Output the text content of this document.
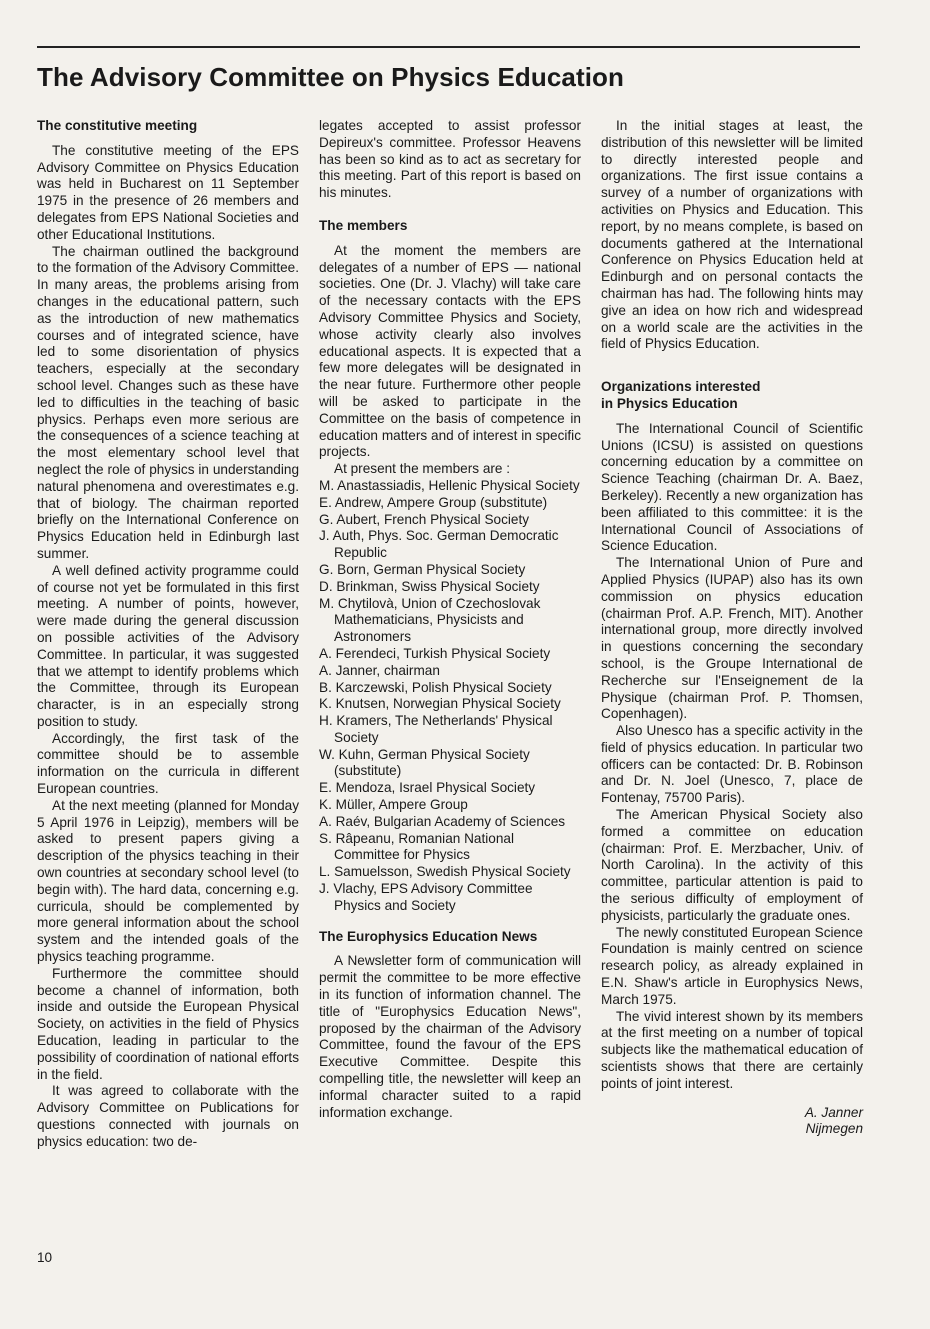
The Advisory Committee on Physics Education
The constitutive meeting

The constitutive meeting of the EPS Advisory Committee on Physics Education was held in Bucharest on 11 September 1975 in the presence of 26 members and delegates from EPS National Societies and other Educational Institutions.

The chairman outlined the background to the formation of the Advisory Committee. In many areas, the problems arising from changes in the educational pattern, such as the introduction of new mathematics courses and of integrated science, have led to some disorientation of physics teachers, especially at the secondary school level. Changes such as these have led to difficulties in the teaching of basic physics. Perhaps even more serious are the consequences of a science teaching at the most elementary school level that neglect the role of physics in understanding natural phenomena and overestimates e.g. that of biology. The chairman reported briefly on the International Conference on Physics Education held in Edinburgh last summer.

A well defined activity programme could of course not yet be formulated in this first meeting. A number of points, however, were made during the general discussion on possible activities of the Advisory Committee. In particular, it was suggested that we attempt to identify problems which the Committee, through its European character, is in an especially strong position to study.

Accordingly, the first task of the committee should be to assemble information on the curricula in different European countries.

At the next meeting (planned for Monday 5 April 1976 in Leipzig), members will be asked to present papers giving a description of the physics teaching in their own countries at secondary school level (to begin with). The hard data, concerning e.g. curricula, should be complemented by more general information about the school system and the intended goals of the physics teaching programme.

Furthermore the committee should become a channel of information, both inside and outside the European Physical Society, on activities in the field of Physics Education, leading in particular to the possibility of coordination of national efforts in the field.

It was agreed to collaborate with the Advisory Committee on Publications for questions connected with journals on physics education: two de-

legates accepted to assist professor Depireux's committee. Professor Heavens has been so kind as to act as secretary for this meeting. Part of this report is based on his minutes.

The members

At the moment the members are delegates of a number of EPS — national societies. One (Dr. J. Vlachy) will take care of the necessary contacts with the EPS Advisory Committee Physics and Society, whose activity clearly also involves educational aspects. It is expected that a few more delegates will be designated in the near future. Furthermore other people will be asked to participate in the Committee on the basis of competence in education matters and of interest in specific projects.

At present the members are :

M. Anastassiadis, Hellenic Physical Society
E. Andrew, Ampere Group (substitute)
G. Aubert, French Physical Society
J. Auth, Phys. Soc. German Democratic Republic
G. Born, German Physical Society
D. Brinkman, Swiss Physical Society
M. Chytilovà, Union of Czechoslovak Mathematicians, Physicists and Astronomers
A. Ferendeci, Turkish Physical Society
A. Janner, chairman
B. Karczewski, Polish Physical Society
K. Knutsen, Norwegian Physical Society
H. Kramers, The Netherlands' Physical Society
W. Kuhn, German Physical Society (substitute)
E. Mendoza, Israel Physical Society
K. Müller, Ampere Group
A. Raév, Bulgarian Academy of Sciences
S. Râpeanu, Romanian National Committee for Physics
L. Samuelsson, Swedish Physical Society
J. Vlachy, EPS Advisory Committee Physics and Society
The Europhysics Education News

A Newsletter form of communication will permit the committee to be more effective in its function of information channel. The title of "Europhysics Education News", proposed by the chairman of the Advisory Committee, found the favour of the EPS Executive Committee. Despite this compelling title, the newsletter will keep an informal character suited to a rapid information exchange.

In the initial stages at least, the distribution of this newsletter will be limited to directly interested people and organizations. The first issue contains a survey of a number of organizations with activities on Physics and Education. This report, by no means complete, is based on documents gathered at the International Conference on Physics Education held at Edinburgh and on personal contacts the chairman has had. The following hints may give an idea on how rich and widespread on a world scale are the activities in the field of Physics Education.

Organizations interested
in Physics Education

The International Council of Scientific Unions (ICSU) is assisted on questions concerning education by a committee on Science Teaching (chairman Dr. A. Baez, Berkeley). Recently a new organization has been affiliated to this committee: it is the International Council of Associations of Science Education.

The International Union of Pure and Applied Physics (IUPAP) also has its own commission on physics education (chairman Prof. A.P. French, MIT). Another international group, more directly involved in questions concerning the secondary school, is the Groupe International de Recherche sur l'Enseignement de la Physique (chairman Prof. P. Thomsen, Copenhagen).

Also Unesco has a specific activity in the field of physics education. In particular two officers can be contacted: Dr. B. Robinson and Dr. N. Joel (Unesco, 7, place de Fontenay, 75700 Paris).

The American Physical Society also formed a committee on education (chairman: Prof. E. Merzbacher, Univ. of North Carolina). In the activity of this committee, particular attention is paid to the serious difficulty of employment of physicists, particularly the graduate ones.

The newly constituted European Science Foundation is mainly centred on science research policy, as already explained in E.N. Shaw's article in Europhysics News, March 1975.

The vivid interest shown by its members at the first meeting on a number of topical subjects like the mathematical education of scientists shows that there are certainly points of joint interest.

A. Janner
Nijmegen
10
